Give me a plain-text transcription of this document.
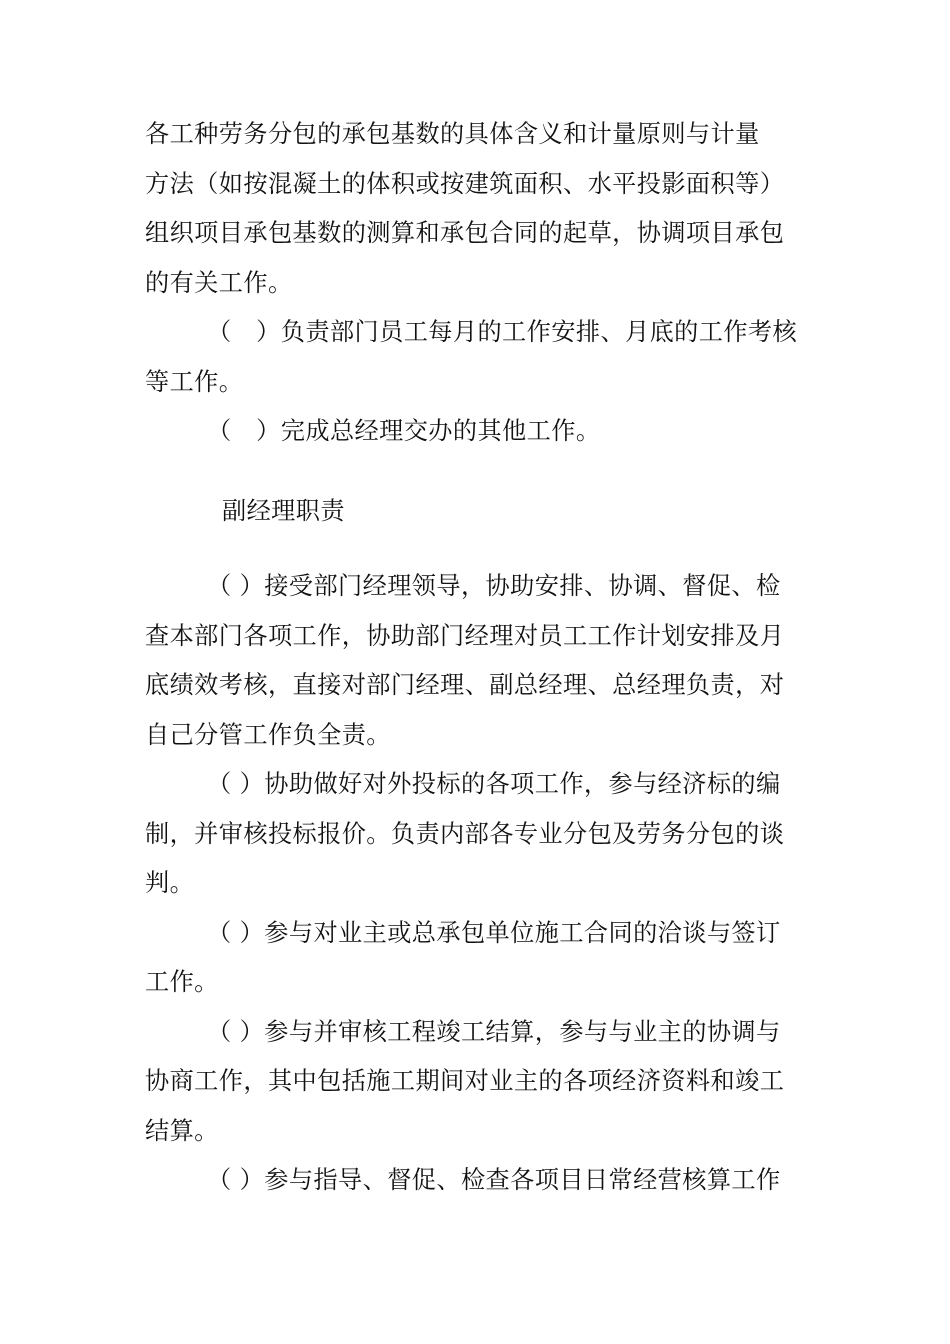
各工种劳务分包的承包基数的具体含义和计量原则与计量
方法（如按混凝土的体积或按建筑面积、水平投影面积等）
组织项目承包基数的测算和承包合同的起草，协调项目承包
的有关工作。

（　）负责部门员工每月的工作安排、月底的工作考核
等工作。

（　）完成总经理交办的其他工作。

副经理职责

（ ）接受部门经理领导，协助安排、协调、督促、检
查本部门各项工作，协助部门经理对员工工作计划安排及月
底绩效考核，直接对部门经理、副总经理、总经理负责，对
自己分管工作负全责。

（ ）协助做好对外投标的各项工作，参与经济标的编
制，并审核投标报价。负责内部各专业分包及劳务分包的谈
判。

（ ）参与对业主或总承包单位施工合同的洽谈与签订
工作。

（ ）参与并审核工程竣工结算，参与与业主的协调与
协商工作，其中包括施工期间对业主的各项经济资料和竣工
结算。

（ ）参与指导、督促、检查各项目日常经营核算工作
